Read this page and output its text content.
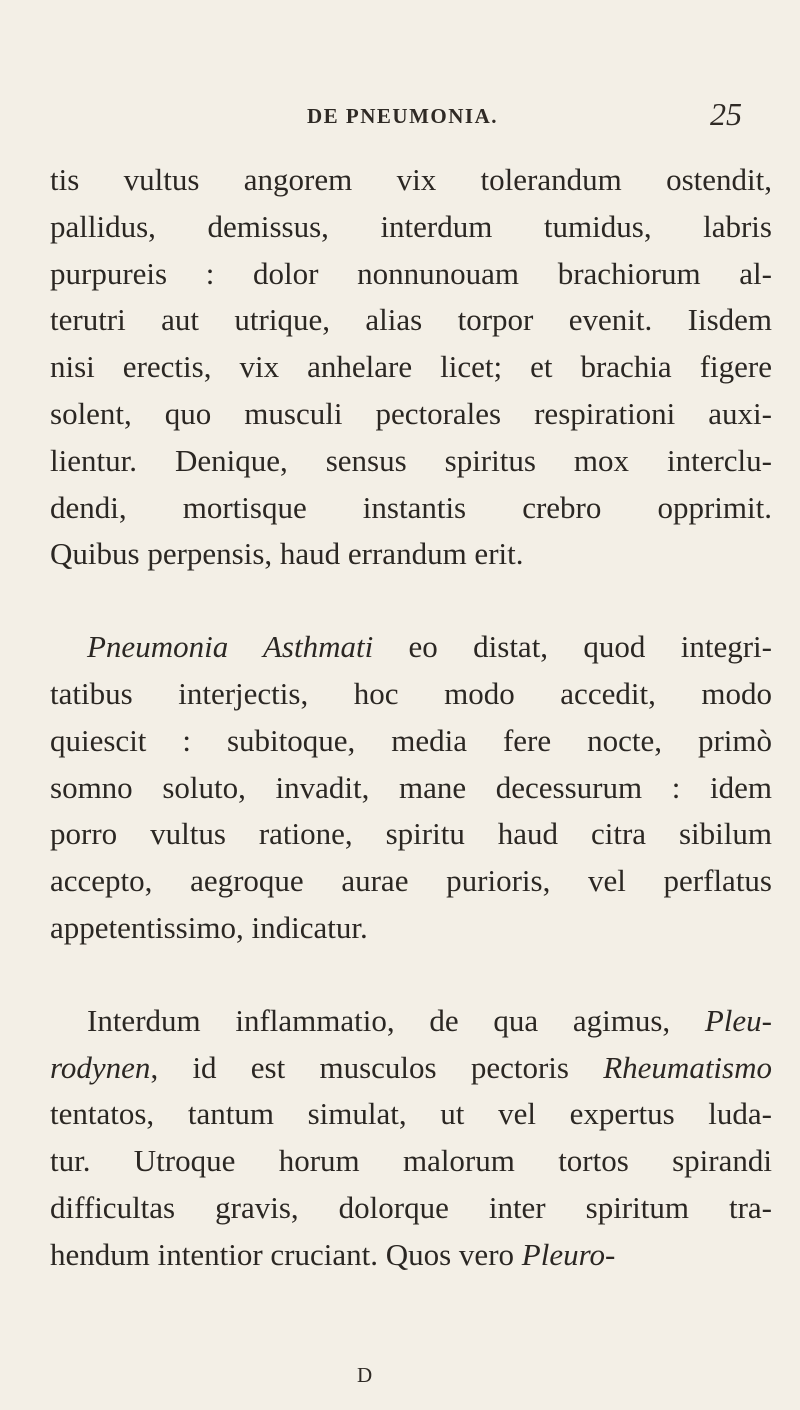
DE PNEUMONIA.	25
tis vultus angorem vix tolerandum ostendit,
pallidus, demissus, interdum tumidus, labris
purpureis : dolor nonnunouam brachiorum al-
terutri aut utrique, alias torpor evenit. Iisdem
nisi erectis, vix anhelare licet; et brachia figere
solent, quo musculi pectorales respirationi auxi-
lientur. Denique, sensus spiritus mox interclu-
dendi, mortisque instantis crebro opprimit.
Quibus perpensis, haud errandum erit.
Pneumonia Asthmati eo distat, quod integri-
tatibus interjectis, hoc modo accedit, modo
quiescit : subitoque, media fere nocte, primò
somno soluto, invadit, mane decessurum : idem
porro vultus ratione, spiritu haud citra sibilum
accepto, aegroque aurae purioris, vel perflatus
appetentissimo, indicatur.
Interdum inflammatio, de qua agimus, Pleu-
rodynen, id est musculos pectoris Rheumatismo
tentatos, tantum simulat, ut vel expertus luda-
tur. Utroque horum malorum tortos spirandi
difficultas gravis, dolorque inter spiritum tra-
hendum intentior cruciant. Quos vero Pleuro-
D
